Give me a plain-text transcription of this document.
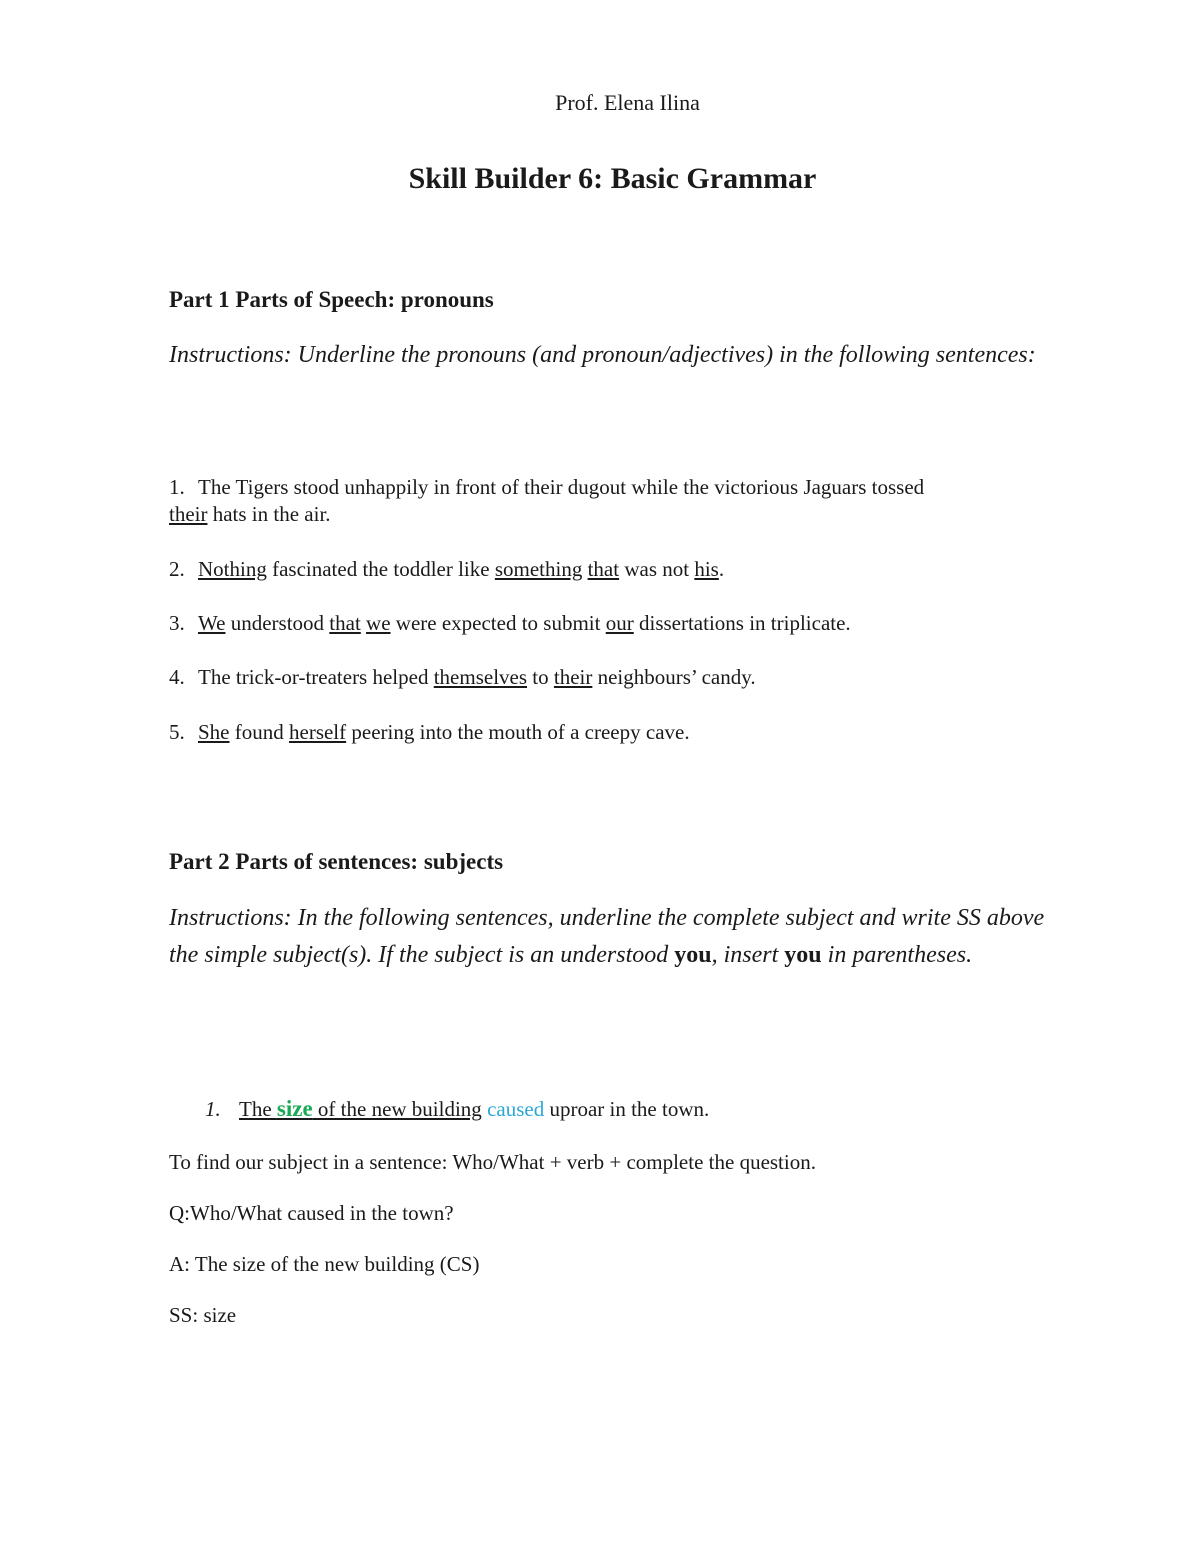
Prof. Elena Ilina
Skill Builder 6: Basic Grammar
Part 1 Parts of Speech: pronouns
Instructions: Underline the pronouns (and pronoun/adjectives) in the following sentences:
1. The Tigers stood unhappily in front of their dugout while the victorious Jaguars tossed
their hats in the air.
2. Nothing fascinated the toddler like something that was not his.
3. We understood that we were expected to submit our dissertations in triplicate.
4. The trick-or-treaters helped themselves to their neighbours’ candy.
5. She found herself peering into the mouth of a creepy cave.
Part 2 Parts of sentences: subjects
Instructions: In the following sentences, underline the complete subject and write SS above the simple subject(s). If the subject is an understood you, insert you in parentheses.
1. The size of the new building caused uproar in the town.
To find our subject in a sentence: Who/What + verb + complete the question.
Q:Who/What caused in the town?
A: The size of the new building (CS)
SS: size
